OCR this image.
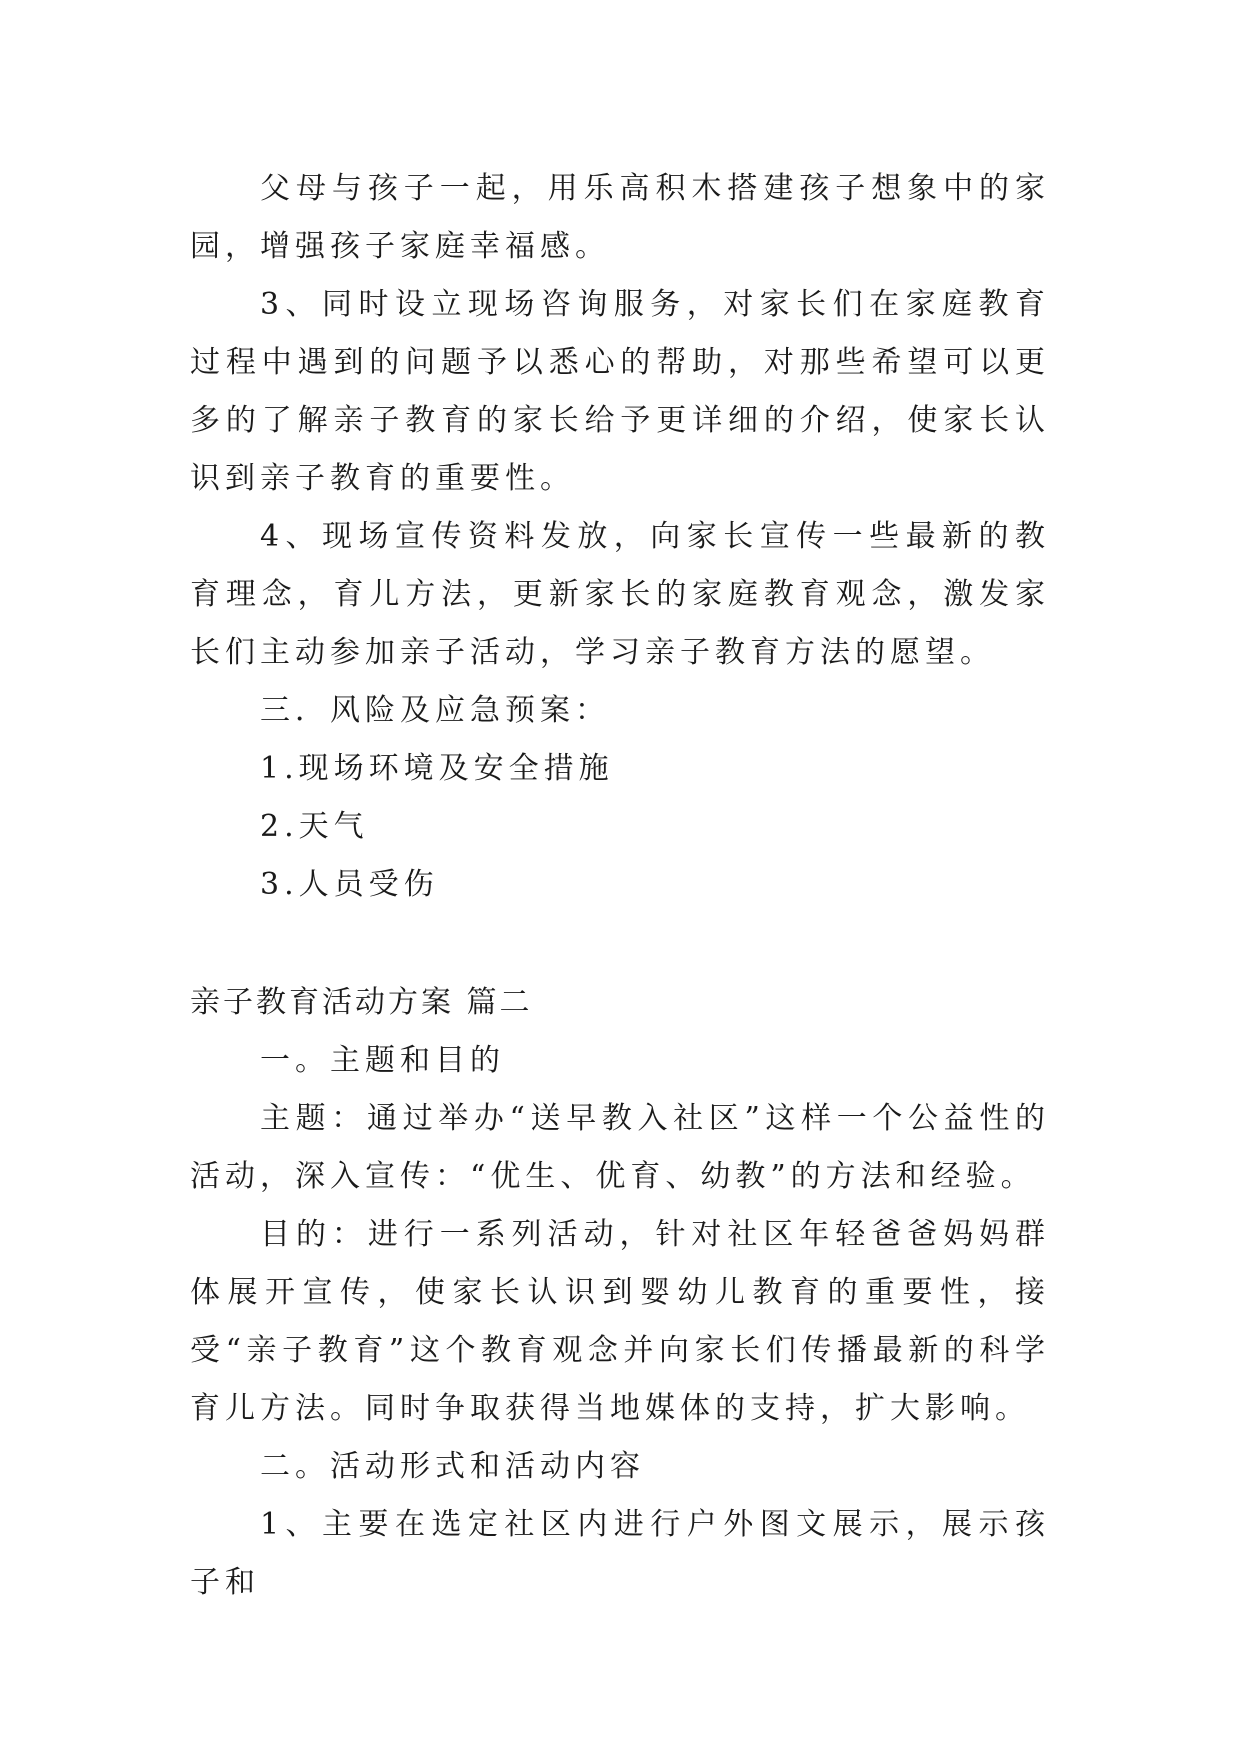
父母与孩子一起，用乐高积木搭建孩子想象中的家园，增强孩子家庭幸福感。

3、同时设立现场咨询服务，对家长们在家庭教育过程中遇到的问题予以悉心的帮助，对那些希望可以更多的了解亲子教育的家长给予更详细的介绍，使家长认识到亲子教育的重要性。

4、现场宣传资料发放，向家长宣传一些最新的教育理念，育儿方法，更新家长的家庭教育观念，激发家长们主动参加亲子活动，学习亲子教育方法的愿望。

三．风险及应急预案：

1.现场环境及安全措施

2.天气

3.人员受伤

亲子教育活动方案 篇二

一。主题和目的

主题：通过举办“送早教入社区”这样一个公益性的活动，深入宣传：“优生、优育、幼教”的方法和经验。

目的：进行一系列活动，针对社区年轻爸爸妈妈群体展开宣传，使家长认识到婴幼儿教育的重要性，接受“亲子教育”这个教育观念并向家长们传播最新的科学育儿方法。同时争取获得当地媒体的支持，扩大影响。

二。活动形式和活动内容

1、主要在选定社区内进行户外图文展示，展示孩子和
